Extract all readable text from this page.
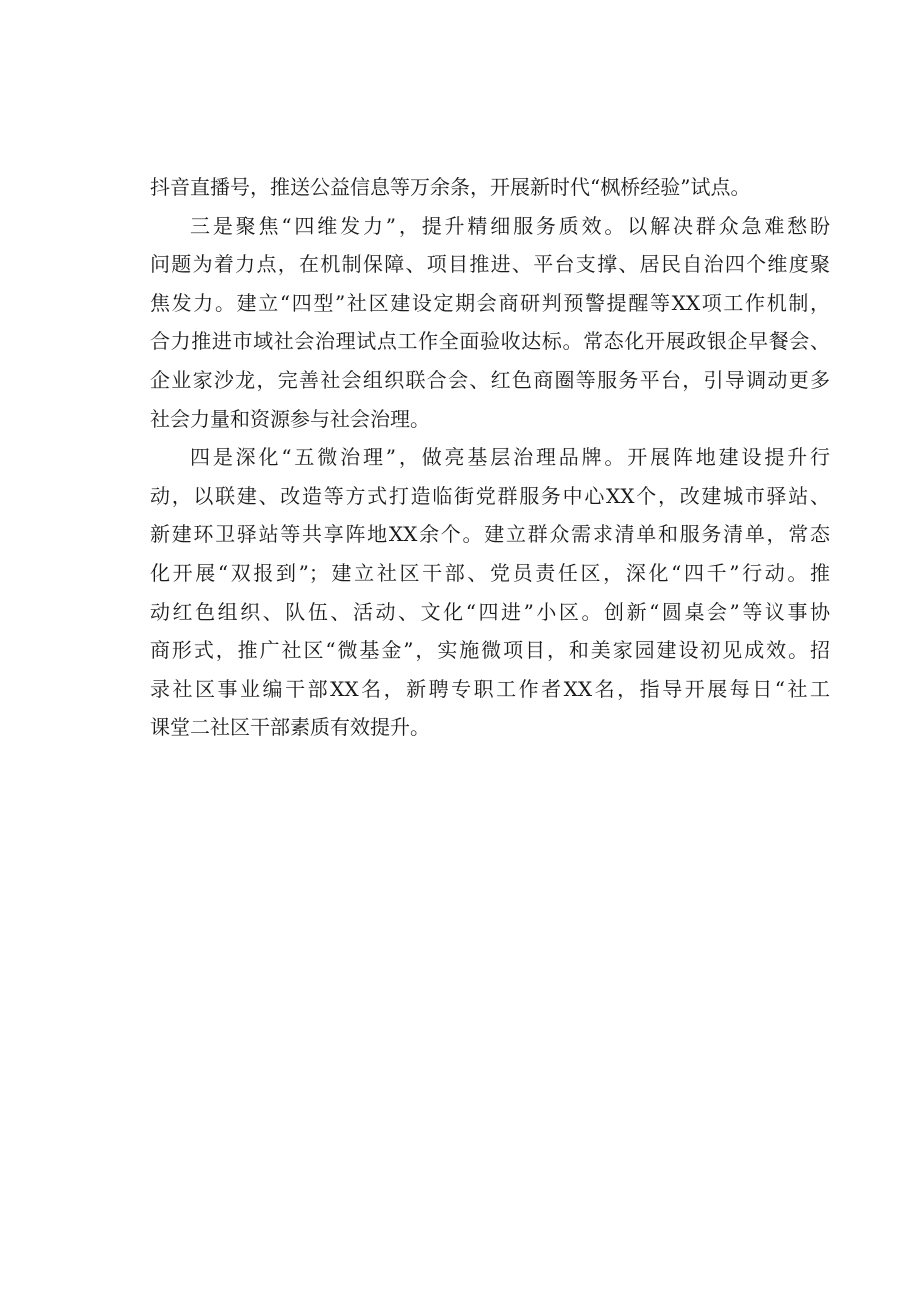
抖音直播号，推送公益信息等万余条，开展新时代“枫桥经验”试点。
三是聚焦“四维发力”，提升精细服务质效。以解决群众急难愁盼
问题为着力点，在机制保障、项目推进、平台支撑、居民自治四个维度聚
焦发力。建立“四型”社区建设定期会商研判预警提醒等XX项工作机制，
合力推进市域社会治理试点工作全面验收达标。常态化开展政银企早餐会、
企业家沙龙，完善社会组织联合会、红色商圈等服务平台，引导调动更多
社会力量和资源参与社会治理。
四是深化“五微治理”，做亮基层治理品牌。开展阵地建设提升行
动，以联建、改造等方式打造临街党群服务中心XX个，改建城市驿站、
新建环卫驿站等共享阵地XX余个。建立群众需求清单和服务清单，常态
化开展“双报到”；建立社区干部、党员责任区，深化“四千”行动。推
动红色组织、队伍、活动、文化“四进”小区。创新“圆桌会”等议事协
商形式，推广社区“微基金”，实施微项目，和美家园建设初见成效。招
录社区事业编干部XX名，新聘专职工作者XX名，指导开展每日“社工
课堂二社区干部素质有效提升。
